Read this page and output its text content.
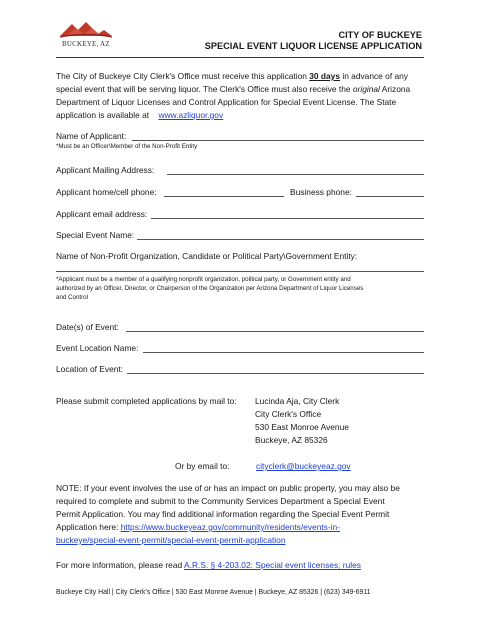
BUCKEYE, AZ
CITY OF BUCKEYE
SPECIAL EVENT LIQUOR LICENSE APPLICATION
The City of Buckeye City Clerk's Office must receive this application 30 days in advance of any
special event that will be serving liquor. The Clerk's Office must also receive the original Arizona
Department of Liquor Licenses and Control Application for Special Event License. The State
application is available at www.azliquor.gov
Name of Applicant:
*Must be an Officer\Member of the Non-Profit Entity
Applicant Mailing Address:
Applicant home/cell phone:	Business phone:
Applicant email address:
Special Event Name:
Name of Non-Profit Organization, Candidate or Political Party\Government Entity:
*Applicant must be a member of a qualifying nonprofit organization, political party, or Government entity and
authorized by an Officer, Director, or Chairperson of the Organization per Arizona Department of Liquor Licenses
and Control
Date(s) of Event:
Event Location Name:
Location of Event:
Please submit completed applications by mail to: Lucinda Aja, City Clerk
City Clerk's Office
530 East Monroe Avenue
Buckeye, AZ 85326
Or by email to:	cityclerk@buckeyeaz.gov
NOTE: If your event involves the use of or has an impact on public property, you may also be
required to complete and submit to the Community Services Department a Special Event
Permit Application. You may find additional information regarding the Special Event Permit
Application here: https://www.buckeyeaz.gov/community/residents/events-in-
buckeye/special-event-permit/special-event-permit-application
For more information, please read A.R.S. § 4-203.02: Special event licenses; rules
Buckeye City Hall | City Clerk's Office | 530 East Monroe Avenue | Buckeye, AZ 85326 | (623) 349-6911
